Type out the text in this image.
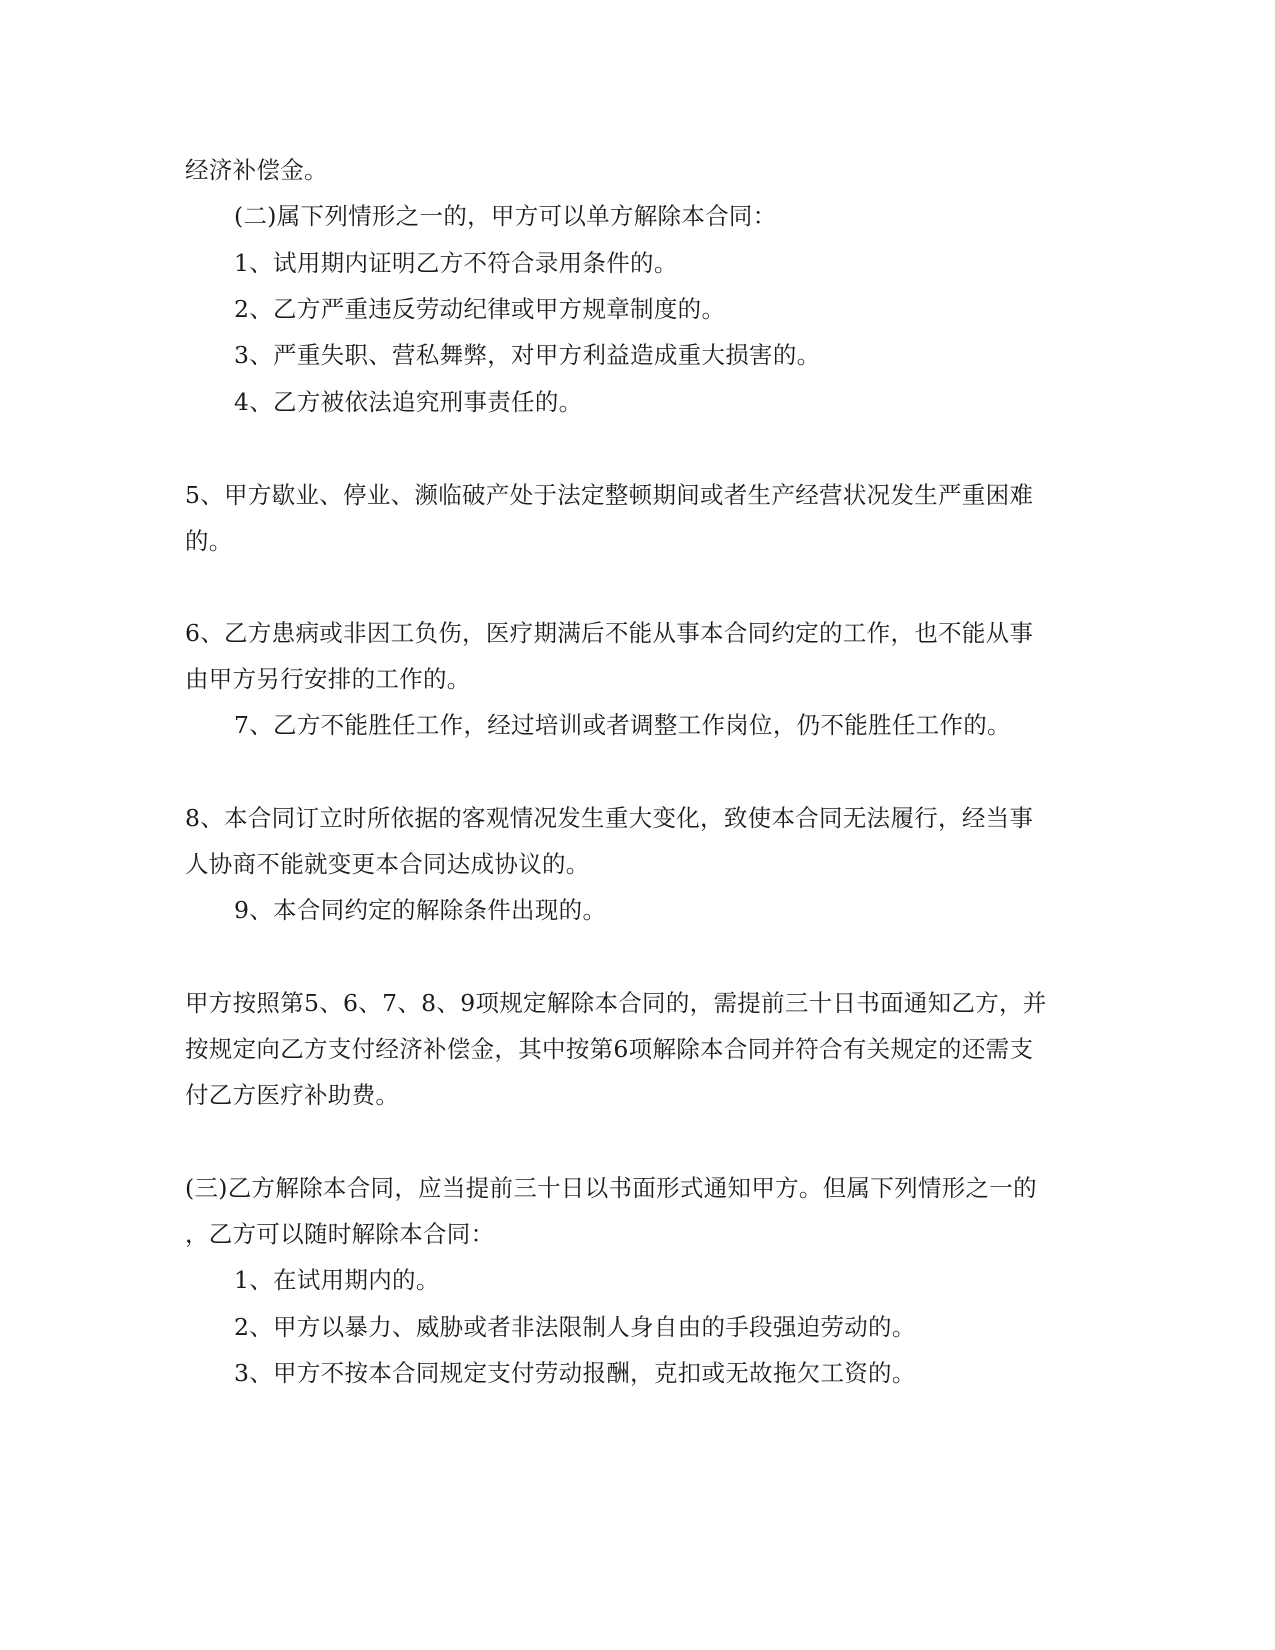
经济补偿金。
(二)属下列情形之一的，甲方可以单方解除本合同：
1、试用期内证明乙方不符合录用条件的。
2、乙方严重违反劳动纪律或甲方规章制度的。
3、严重失职、营私舞弊，对甲方利益造成重大损害的。
4、乙方被依法追究刑事责任的。
5、甲方歇业、停业、濒临破产处于法定整顿期间或者生产经营状况发生严重困难
的。
6、乙方患病或非因工负伤，医疗期满后不能从事本合同约定的工作，也不能从事
由甲方另行安排的工作的。
7、乙方不能胜任工作，经过培训或者调整工作岗位，仍不能胜任工作的。
8、本合同订立时所依据的客观情况发生重大变化，致使本合同无法履行，经当事
人协商不能就变更本合同达成协议的。
9、本合同约定的解除条件出现的。
甲方按照第5、6、7、8、9项规定解除本合同的，需提前三十日书面通知乙方，并
按规定向乙方支付经济补偿金，其中按第6项解除本合同并符合有关规定的还需支
付乙方医疗补助费。
(三)乙方解除本合同，应当提前三十日以书面形式通知甲方。但属下列情形之一的
，乙方可以随时解除本合同：
1、在试用期内的。
2、甲方以暴力、威胁或者非法限制人身自由的手段强迫劳动的。
3、甲方不按本合同规定支付劳动报酬，克扣或无故拖欠工资的。
